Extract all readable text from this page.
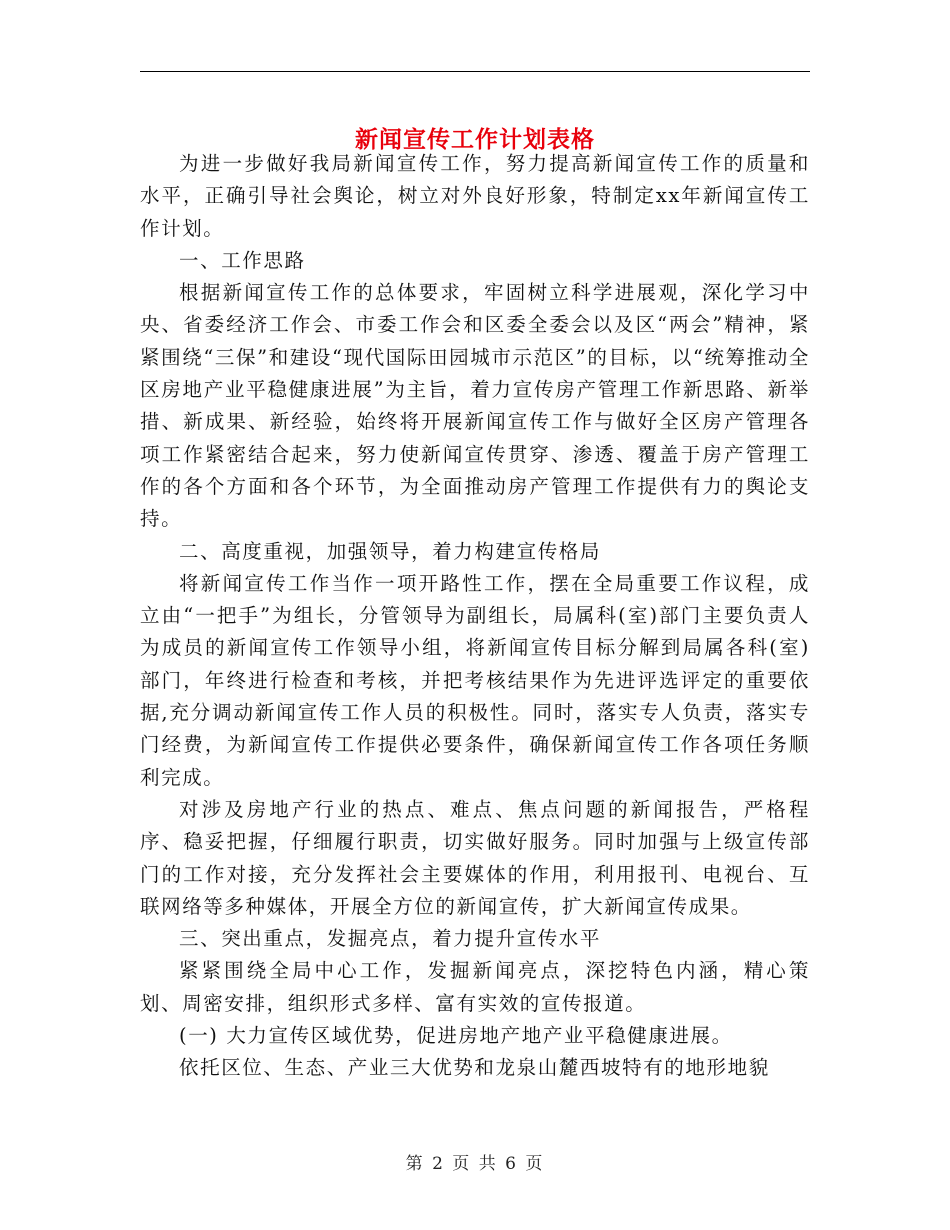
新闻宣传工作计划表格

为进一步做好我局新闻宣传工作，努力提高新闻宣传工作的质量和水平，正确引导社会舆论，树立对外良好形象，特制定xx年新闻宣传工作计划。

一、工作思路

根据新闻宣传工作的总体要求，牢固树立科学进展观，深化学习中央、省委经济工作会、市委工作会和区委全委会以及区“两会”精神，紧紧围绕“三保”和建设“现代国际田园城市示范区”的目标，以“统筹推动全区房地产业平稳健康进展”为主旨，着力宣传房产管理工作新思路、新举措、新成果、新经验，始终将开展新闻宣传工作与做好全区房产管理各项工作紧密结合起来，努力使新闻宣传贯穿、渗透、覆盖于房产管理工作的各个方面和各个环节，为全面推动房产管理工作提供有力的舆论支持。

二、高度重视，加强领导，着力构建宣传格局

将新闻宣传工作当作一项开路性工作，摆在全局重要工作议程，成立由“一把手”为组长，分管领导为副组长，局属科(室)部门主要负责人为成员的新闻宣传工作领导小组，将新闻宣传目标分解到局属各科(室)部门，年终进行检查和考核，并把考核结果作为先进评选评定的重要依据,充分调动新闻宣传工作人员的积极性。同时，落实专人负责，落实专门经费，为新闻宣传工作提供必要条件，确保新闻宣传工作各项任务顺利完成。

对涉及房地产行业的热点、难点、焦点问题的新闻报告，严格程序、稳妥把握，仔细履行职责，切实做好服务。同时加强与上级宣传部门的工作对接，充分发挥社会主要媒体的作用，利用报刊、电视台、互联网络等多种媒体，开展全方位的新闻宣传，扩大新闻宣传成果。

三、突出重点，发掘亮点，着力提升宣传水平

紧紧围绕全局中心工作，发掘新闻亮点，深挖特色内涵，精心策划、周密安排，组织形式多样、富有实效的宣传报道。

(一) 大力宣传区域优势，促进房地产地产业平稳健康进展。

依托区位、生态、产业三大优势和龙泉山麓西坡特有的地形地貌

第 2 页 共 6 页
